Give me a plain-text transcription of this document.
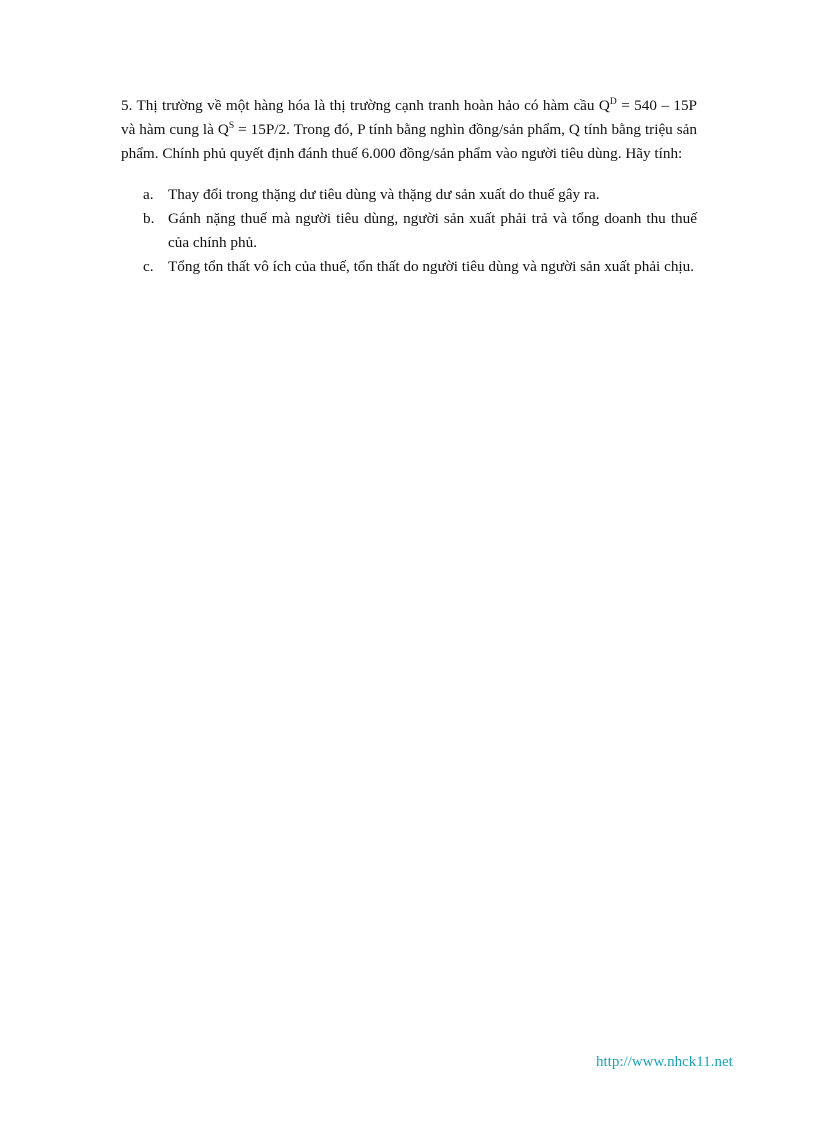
5. Thị trường về một hàng hóa là thị trường cạnh tranh hoàn hảo có hàm cầu $Q^D = 540 - 15P$ và hàm cung là $Q^S = 15P/2$. Trong đó, P tính bằng nghìn đồng/sản phẩm, Q tính bằng triệu sản phẩm. Chính phủ quyết định đánh thuế 6.000 đồng/sản phẩm vào người tiêu dùng. Hãy tính:

a. Thay đổi trong thặng dư tiêu dùng và thặng dư sản xuất do thuế gây ra.
b. Gánh nặng thuế mà người tiêu dùng, người sản xuất phải trả và tổng doanh thu thuế của chính phủ.
c. Tổng tổn thất vô ích của thuế, tổn thất do người tiêu dùng và người sản xuất phải chịu.
http://www.nhck11.net
